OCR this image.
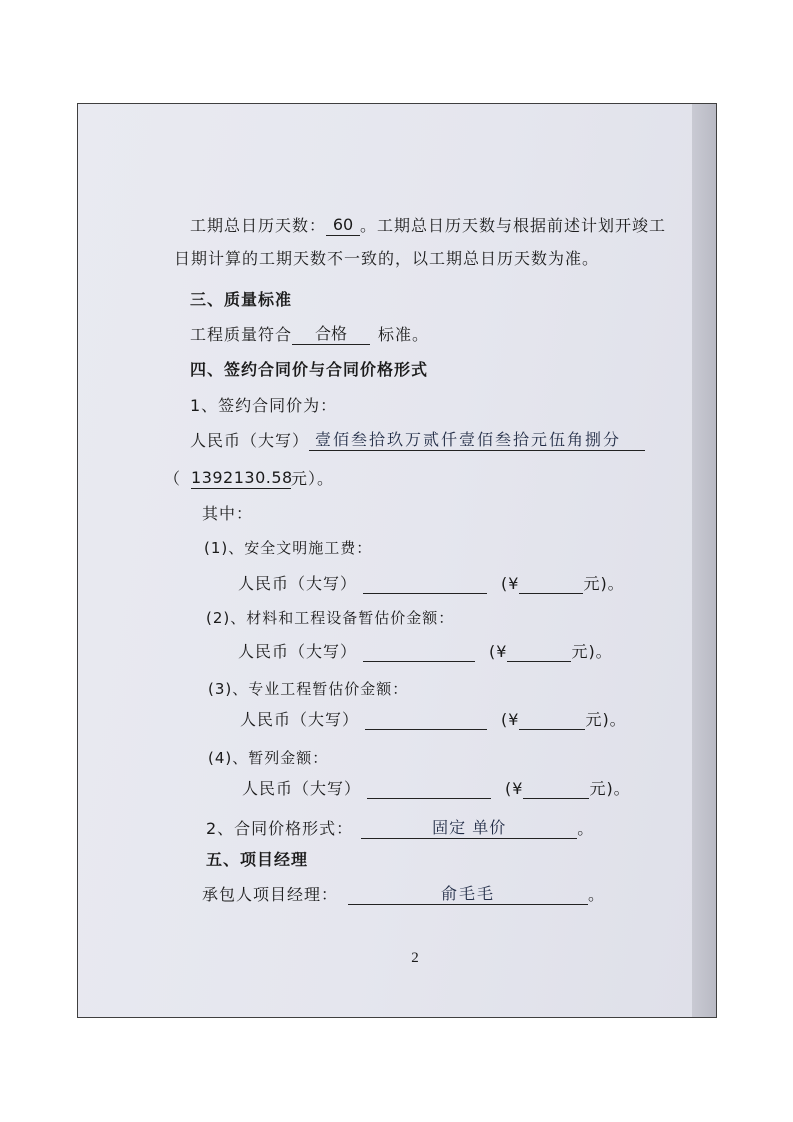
工期总日历天数： 60 。工期总日历天数与根据前述计划开竣工
日期计算的工期天数不一致的，以工期总日历天数为准。
三、质量标准
工程质量符合 合格 标准。
四、签约合同价与合同价格形式
1、签约合同价为：
人民币（大写） 壹佰叁拾玖万贰仟壹佰叁拾元伍角捌分
（ 1392130.58元）。
其中：
(1)、安全文明施工费：
人民币（大写）	(¥	元)。
(2)、材料和工程设备暂估价金额：
人民币（大写）	(¥	元)。
(3)、专业工程暂估价金额：
人民币（大写）	(¥	元)。
(4)、暂列金额：
人民币（大写）	(¥	元)。
2、合同价格形式：	固定 单价	。
五、项目经理
承包人项目经理：	俞毛毛	。
2
